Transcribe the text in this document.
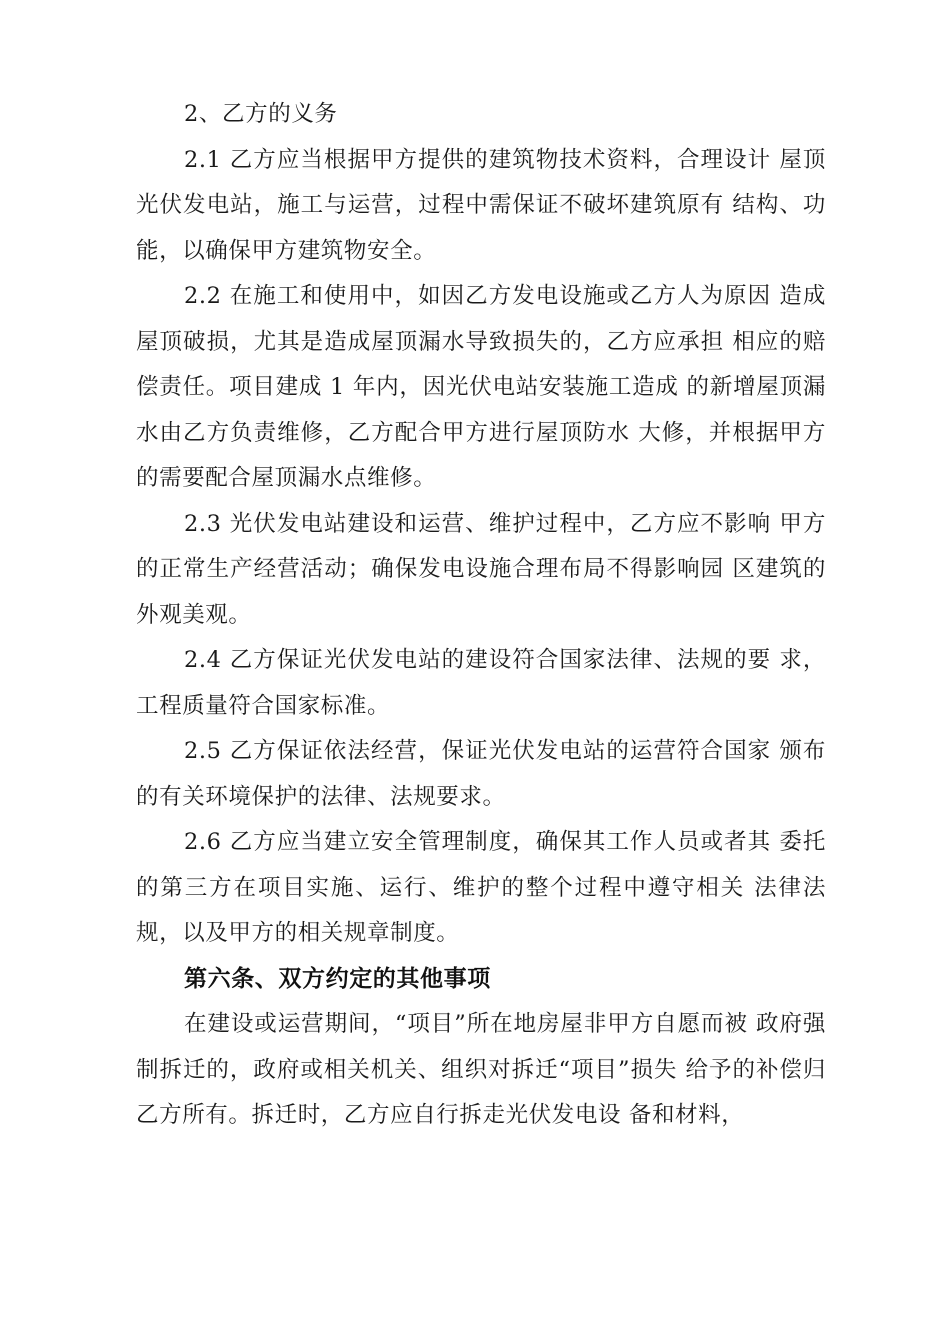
2、乙方的义务

2.1 乙方应当根据甲方提供的建筑物技术资料，合理设计 屋顶光伏发电站，施工与运营，过程中需保证不破坏建筑原有 结构、功能，以确保甲方建筑物安全。

2.2 在施工和使用中，如因乙方发电设施或乙方人为原因 造成屋顶破损，尤其是造成屋顶漏水导致损失的，乙方应承担 相应的赔偿责任。项目建成 1 年内，因光伏电站安装施工造成 的新增屋顶漏水由乙方负责维修，乙方配合甲方进行屋顶防水 大修，并根据甲方的需要配合屋顶漏水点维修。

2.3 光伏发电站建设和运营、维护过程中，乙方应不影响 甲方的正常生产经营活动；确保发电设施合理布局不得影响园 区建筑的外观美观。

2.4 乙方保证光伏发电站的建设符合国家法律、法规的要 求，工程质量符合国家标准。

2.5 乙方保证依法经营，保证光伏发电站的运营符合国家 颁布的有关环境保护的法律、法规要求。

2.6 乙方应当建立安全管理制度，确保其工作人员或者其 委托的第三方在项目实施、运行、维护的整个过程中遵守相关 法律法规，以及甲方的相关规章制度。

第六条、双方约定的其他事项

在建设或运营期间，“项目”所在地房屋非甲方自愿而被 政府强制拆迁的，政府或相关机关、组织对拆迁“项目”损失 给予的补偿归乙方所有。拆迁时，乙方应自行拆走光伏发电设 备和材料，
